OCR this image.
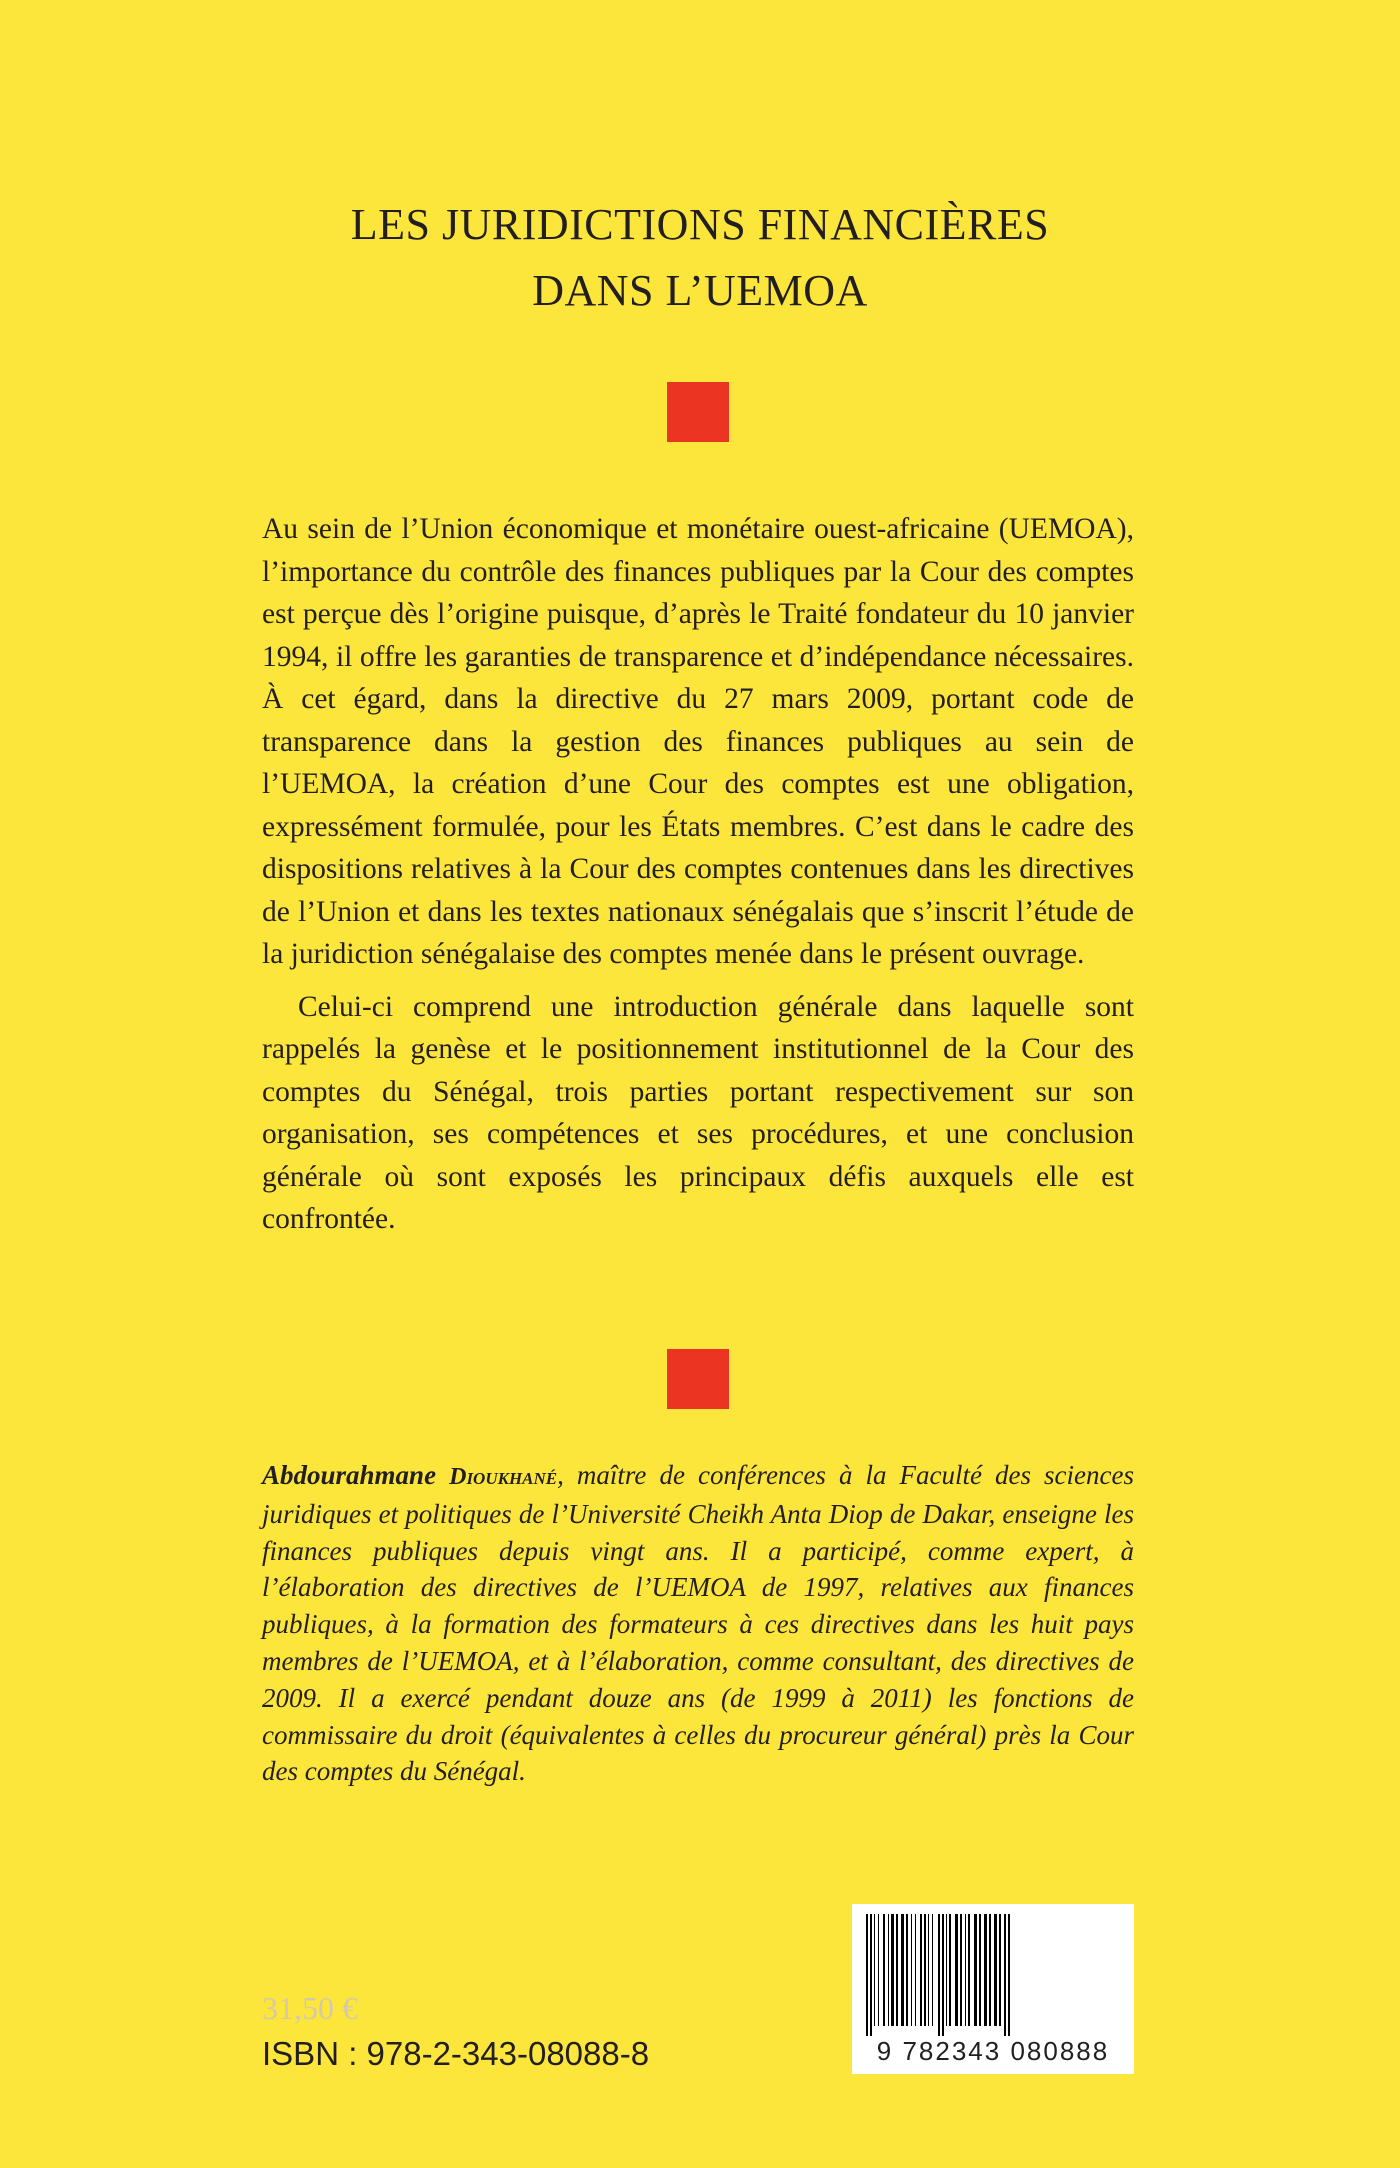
LES JURIDICTIONS FINANCIÈRES
DANS L’UEMOA

Au sein de l’Union économique et monétaire ouest-africaine (UEMOA), l’importance du contrôle des finances publiques par la Cour des comptes est perçue dès l’origine puisque, d’après le Traité fondateur du 10 janvier 1994, il offre les garanties de transparence et d’indépendance nécessaires. À cet égard, dans la directive du 27 mars 2009, portant code de transparence dans la gestion des finances publiques au sein de l’UEMOA, la création d’une Cour des comptes est une obligation, expressément formulée, pour les États membres. C’est dans le cadre des dispositions relatives à la Cour des comptes contenues dans les directives de l’Union et dans les textes nationaux sénégalais que s’inscrit l’étude de la juridiction sénégalaise des comptes menée dans le présent ouvrage.

Celui-ci comprend une introduction générale dans laquelle sont rappelés la genèse et le positionnement institutionnel de la Cour des comptes du Sénégal, trois parties portant respectivement sur son organisation, ses compétences et ses procédures, et une conclusion générale où sont exposés les principaux défis auxquels elle est confrontée.

Abdourahmane Dioukhané, maître de conférences à la Faculté des sciences juridiques et politiques de l’Université Cheikh Anta Diop de Dakar, enseigne les finances publiques depuis vingt ans. Il a participé, comme expert, à l’élaboration des directives de l’UEMOA de 1997, relatives aux finances publiques, à la formation des formateurs à ces directives dans les huit pays membres de l’UEMOA, et à l’élaboration, comme consultant, des directives de 2009. Il a exercé pendant douze ans (de 1999 à 2011) les fonctions de commissaire du droit (équivalentes à celles du procureur général) près la Cour des comptes du Sénégal.
31,50 €
ISBN : 978-2-343-08088-8	9 782343 080888
